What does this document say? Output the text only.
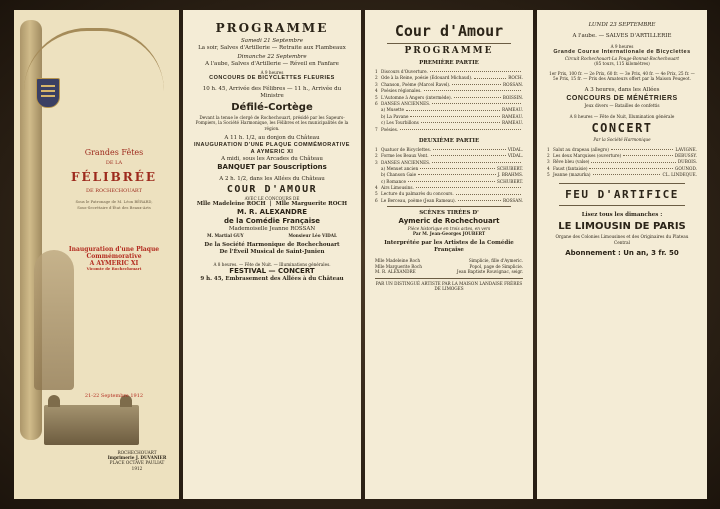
Grandes Fêtes
DE LA
FÉLIBRÉE
DE ROCHECHOUART
Sous le Patronage de M. Léon BÉRARD,
Sous-Secrétaire d'État des Beaux-Arts
Inauguration d'une Plaque Commémorative
A AYMERIC XI
Vicomte de Rochechouart
21-22 Septembre 1912
ROCHECHOUART
Imprimerie J. DUVANIER
PLACE OCTAVE PAULIAT
1912
PROGRAMME
Samedi 21 Septembre
La soir, Salves d'Artillerie — Retraite aux Flambeaux
Dimanche 22 Septembre
A l'aube, Salves d'Artillerie — Réveil en Fanfare
A 9 heures
CONCOURS DE BICYCLETTES FLEURIES
10 h. 45, Arrivée des Félibres — 11 h., Arrivée du Ministre
Défilé-Cortège
Devant la tenue le clergé de Rochechouart, présidé par les Sapeurs-Pompiers, la Société Harmonique, les Félibres et les municipalités de la région.
A 11 h. 1/2, au donjon du Château
INAUGURATION D'UNE PLAQUE COMMÉMORATIVE
A AYMERIC XI
A midi, sous les Arcades du Château
BANQUET par Souscriptions
A 2 h. 1/2, dans les Allées du Château
COUR D'AMOUR
AVEC LE CONCOURS DE
Mlle Madeleine ROCH | Mlle Marguerite ROCH
M. R. ALEXANDRE
de la Comédie Française
Mademoiselle Jeanne ROSSAN
M. Martial GUY	Monsieur Léo VIDAL
De la Société Harmonique de Rochechouart
De l'Éveil Musical de Saint-Junien
A 8 heures. — Fête de Nuit. — Illuminations générales.
FESTIVAL — CONCERT
9 h. 45, Embrasement des Allées à du Château
Cour d'Amour
PROGRAMME
PREMIÈRE PARTIE
1 Discours d'Ouverture.
2 Ode à la Reine, poésie (Édouard Michaud).	ROCH.
3 Chanson, Poème (Marcel Ravel).	ROSSAN.
4 Poésies régionales.
5 L'Automne à Angers (intermède).	BOISSIN.
6 DANSES ANCIENNES.
a) Musette	RAMEAU.
b) La Pavane	RAMEAU.
c) Les Tourbillons	RAMEAU.
7 Poésies.
DEUXIÈME PARTIE
1 Quatuor de Bicyclettes.	VIDAL.
2 Forme les Beaux Vent.	VIDAL.
3 DANSES ANCIENNES.
a) Menuet ancien	SCHUBERT.
b) Chanson Gaie	J. BRAHMS.
c) Romance	SCHUBERT.
4 Airs Limousins.
5 Lecture du palmarès du concours.
6 Le Berceau, poème (Jean Rameau).	ROSSAN.
SCÈNES TIRÉES D'
Aymeric de Rochechouart
Pièce historique en trois actes, en vers
Par M. Jean-Georges JOUBERT
Interprétée par les Artistes de la Comédie Française
Mlle Madeleine Roch	Simplicie, fille d'Aymeric.
Mlle Marguerite Roch	Popol, page de Simplicie.
M. R. ALEXANDRE	Jean Baptiste Rouvignac, seigr.
PAR UN DISTINGUÉ ARTISTE PAR LA MAISON LANDAISE FRÈRES DE LIMOGES
LUNDI 23 SEPTEMBRE
A l'aube. — SALVES D'ARTILLERIE
A 9 heures
Grande Course Internationale de Bicyclettes
Circuit Rochechouart-La Pouge-Bonnat-Rochechouart
(85 tours, 115 kilomètres)
1er Prix, 100 fr. — 2e Prix, 60 fr. — 3e Prix, 40 fr. — 4e Prix, 25 fr. — 5e Prix, 15 fr. — Prix des Amateurs offert par la Maison Peugeot.
A 3 heures, dans les Allées
CONCOURS DE MÉNÉTRIERS
Jeux divers — Batailles de confettis
A 8 heures — Fête de Nuit, Illumination générale
CONCERT
Par la Société Harmonique
1 Salut au drapeau (allegro)	LAVIGNE.
2 Les deux Marquises (ouverture)	DEBUSSY.
3 Rêve bleu (valse)	DUBOIS.
4 Faust (fantaisie)	GOUNOD.
5 Jeanne (mazurka)	CL. LINDEQUE.
FEU D'ARTIFICE
Lisez tous les dimanches :
LE LIMOUSIN DE PARIS
Organe des Colonies Limousines et des Originaires du Plateau Central
Abonnement : Un an, 3 fr. 50
